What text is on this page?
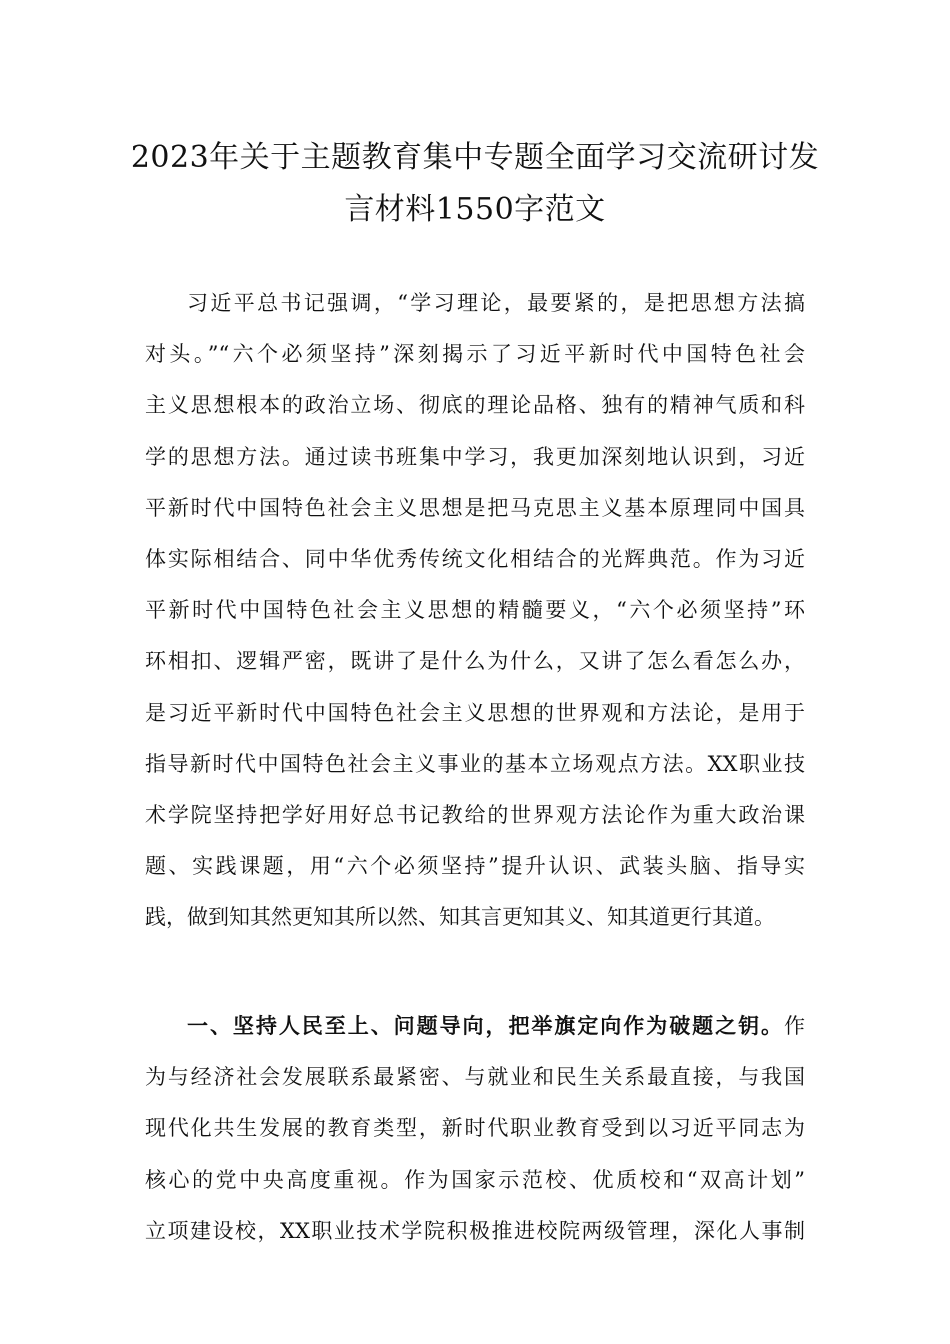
2023年关于主题教育集中专题全面学习交流研讨发
言材料1550字范文
习近平总书记强调，“学习理论，最要紧的，是把思想方法搞
对头。”“六个必须坚持”深刻揭示了习近平新时代中国特色社会
主义思想根本的政治立场、彻底的理论品格、独有的精神气质和科
学的思想方法。通过读书班集中学习，我更加深刻地认识到，习近
平新时代中国特色社会主义思想是把马克思主义基本原理同中国具
体实际相结合、同中华优秀传统文化相结合的光辉典范。作为习近
平新时代中国特色社会主义思想的精髓要义，“六个必须坚持”环
环相扣、逻辑严密，既讲了是什么为什么，又讲了怎么看怎么办，
是习近平新时代中国特色社会主义思想的世界观和方法论，是用于
指导新时代中国特色社会主义事业的基本立场观点方法。XX职业技
术学院坚持把学好用好总书记教给的世界观方法论作为重大政治课
题、实践课题，用“六个必须坚持”提升认识、武装头脑、指导实
践，做到知其然更知其所以然、知其言更知其义、知其道更行其道。
一、坚持人民至上、问题导向，把举旗定向作为破题之钥。作
为与经济社会发展联系最紧密、与就业和民生关系最直接，与我国
现代化共生发展的教育类型，新时代职业教育受到以习近平同志为
核心的党中央高度重视。作为国家示范校、优质校和“双高计划”
立项建设校，XX职业技术学院积极推进校院两级管理，深化人事制
